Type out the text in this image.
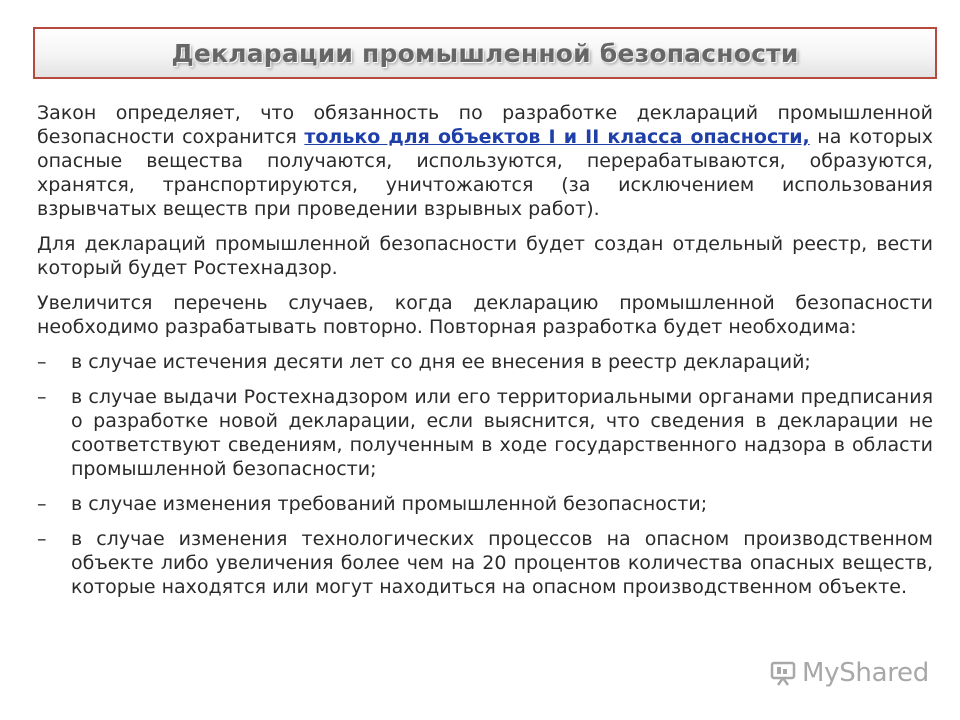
Декларации промышленной безопасности

Закон определяет, что обязанность по разработке деклараций промышленной безопасности сохранится только для объектов I и II класса опасности, на которых опасные вещества получаются, используются, перерабатываются, образуются, хранятся, транспортируются, уничтожаются (за исключением использования взрывчатых веществ при проведении взрывных работ).

Для деклараций промышленной безопасности будет создан отдельный реестр, вести который будет Ростехнадзор.

Увеличится перечень случаев, когда декларацию промышленной безопасности необходимо разрабатывать повторно. Повторная разработка будет необходима:

–	в случае истечения десяти лет со дня ее внесения в реестр деклараций;
–	в случае выдачи Ростехнадзором или его территориальными органами предписания о разработке новой декларации, если выяснится, что сведения в декларации не соответствуют сведениям, полученным в ходе государственного надзора в области промышленной безопасности;
–	в случае изменения требований промышленной безопасности;
–	в случае изменения технологических процессов на опасном производственном объекте либо увеличения более чем на 20 процентов количества опасных веществ, которые находятся или могут находиться на опасном производственном объекте.
MyShared
